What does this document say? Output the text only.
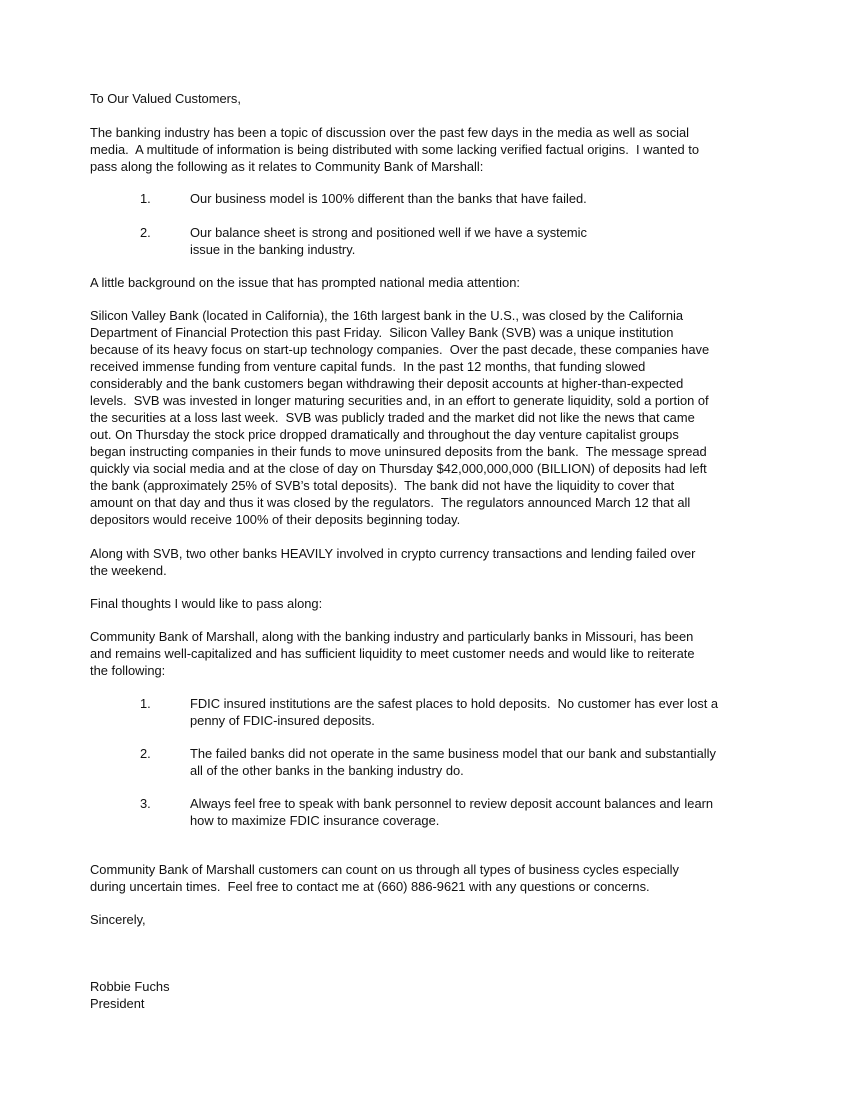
To Our Valued Customers,
The banking industry has been a topic of discussion over the past few days in the media as well as social
media.  A multitude of information is being distributed with some lacking verified factual origins.  I wanted to
pass along the following as it relates to Community Bank of Marshall:
1.	Our business model is 100% different than the banks that have failed.
2.	Our balance sheet is strong and positioned well if we have a systemic
issue in the banking industry.
A little background on the issue that has prompted national media attention:
Silicon Valley Bank (located in California), the 16th largest bank in the U.S., was closed by the California
Department of Financial Protection this past Friday.  Silicon Valley Bank (SVB) was a unique institution
because of its heavy focus on start-up technology companies.  Over the past decade, these companies have
received immense funding from venture capital funds.  In the past 12 months, that funding slowed
considerably and the bank customers began withdrawing their deposit accounts at higher-than-expected
levels.  SVB was invested in longer maturing securities and, in an effort to generate liquidity, sold a portion of
the securities at a loss last week.  SVB was publicly traded and the market did not like the news that came
out. On Thursday the stock price dropped dramatically and throughout the day venture capitalist groups
began instructing companies in their funds to move uninsured deposits from the bank.  The message spread
quickly via social media and at the close of day on Thursday $42,000,000,000 (BILLION) of deposits had left
the bank (approximately 25% of SVB’s total deposits).  The bank did not have the liquidity to cover that
amount on that day and thus it was closed by the regulators.  The regulators announced March 12 that all
depositors would receive 100% of their deposits beginning today.
Along with SVB, two other banks HEAVILY involved in crypto currency transactions and lending failed over
the weekend.
Final thoughts I would like to pass along:
Community Bank of Marshall, along with the banking industry and particularly banks in Missouri, has been
and remains well-capitalized and has sufficient liquidity to meet customer needs and would like to reiterate
the following:
1.	FDIC insured institutions are the safest places to hold deposits.  No customer has ever lost a
penny of FDIC-insured deposits.
2.	The failed banks did not operate in the same business model that our bank and substantially
all of the other banks in the banking industry do.
3.	Always feel free to speak with bank personnel to review deposit account balances and learn
how to maximize FDIC insurance coverage.
Community Bank of Marshall customers can count on us through all types of business cycles especially
during uncertain times.  Feel free to contact me at (660) 886-9621 with any questions or concerns.
Sincerely,
Robbie Fuchs
President
